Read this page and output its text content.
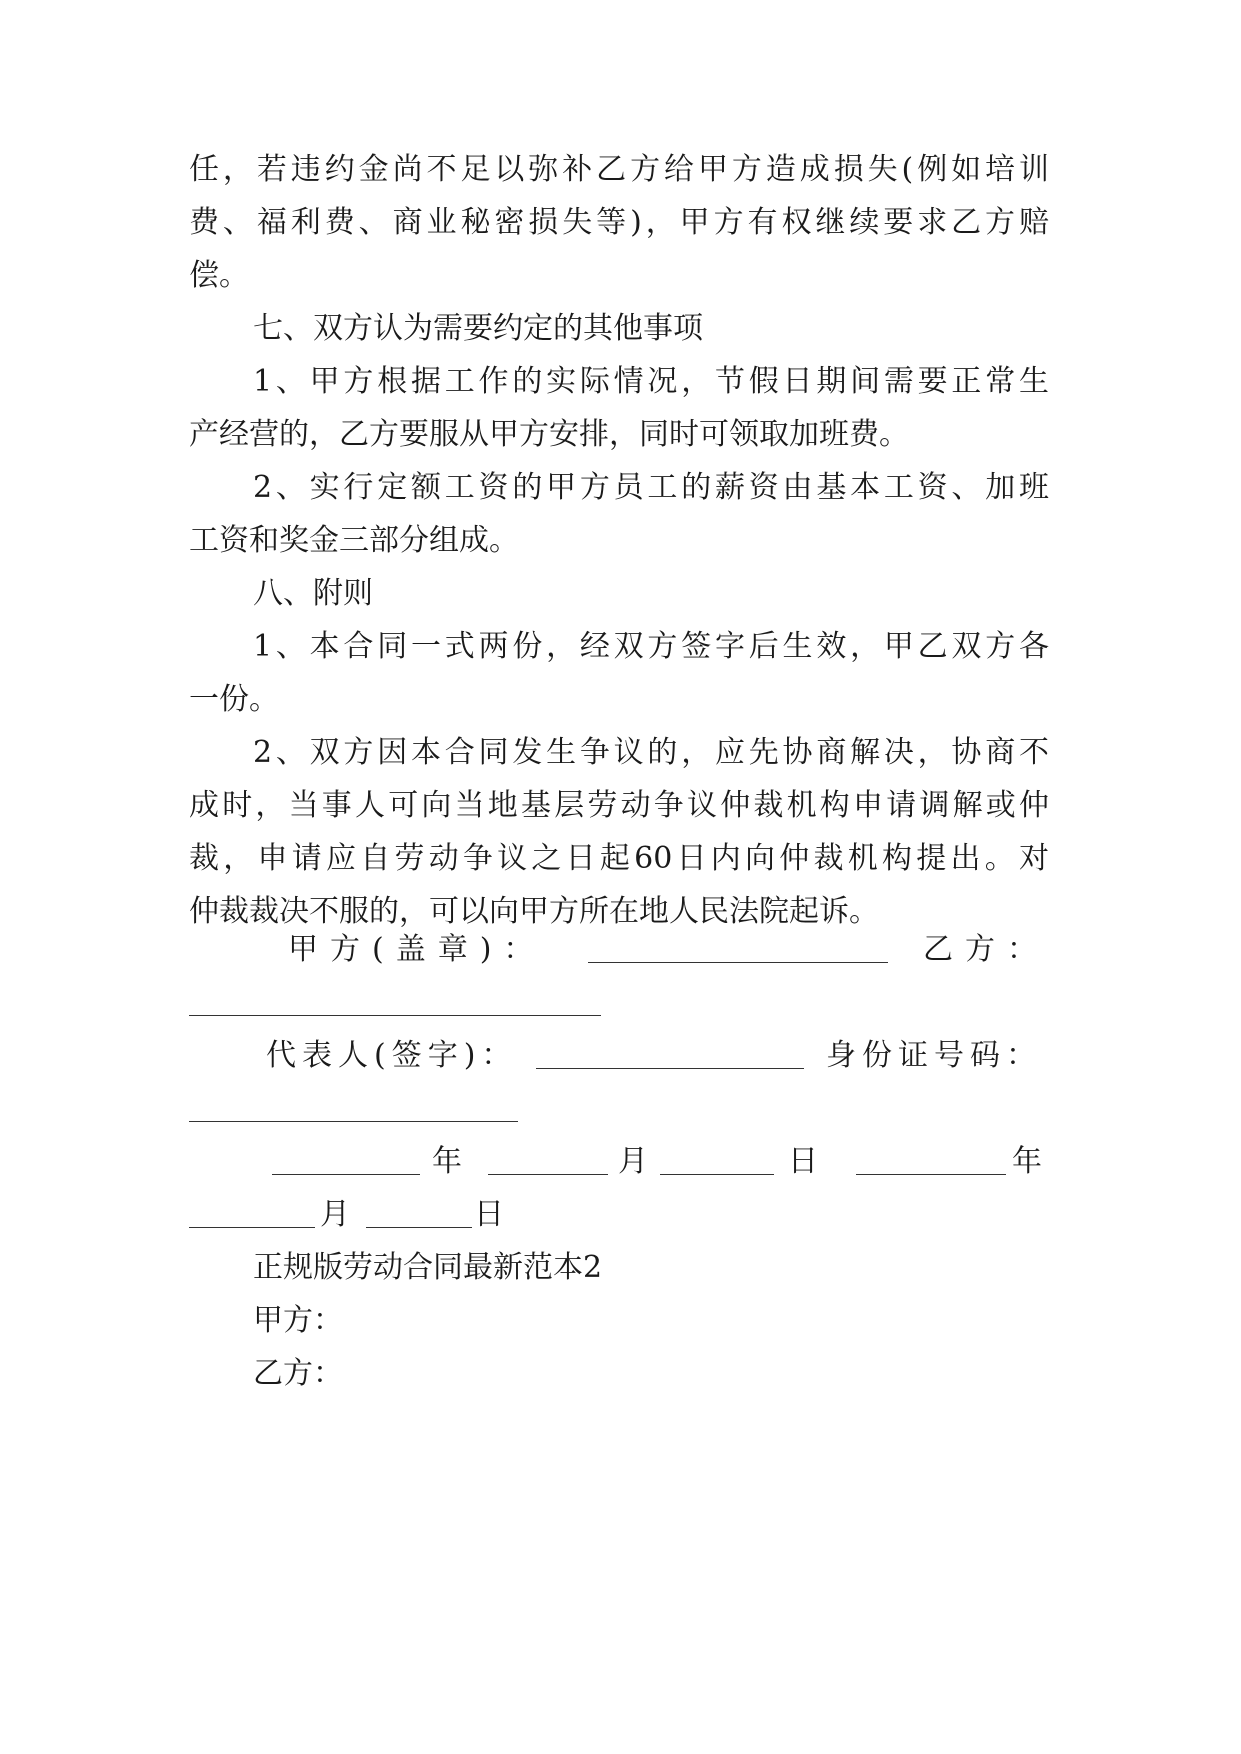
任，若违约金尚不足以弥补乙方给甲方造成损失(例如培训
费、福利费、商业秘密损失等)，甲方有权继续要求乙方赔
偿。
七、双方认为需要约定的其他事项
1、甲方根据工作的实际情况，节假日期间需要正常生
产经营的，乙方要服从甲方安排，同时可领取加班费。
2、实行定额工资的甲方员工的薪资由基本工资、加班
工资和奖金三部分组成。
八、附则
1、本合同一式两份，经双方签字后生效，甲乙双方各
一份。
2、双方因本合同发生争议的，应先协商解决，协商不
成时，当事人可向当地基层劳动争议仲裁机构申请调解或仲
裁，申请应自劳动争议之日起60日内向仲裁机构提出。对
仲裁裁决不服的，可以向甲方所在地人民法院起诉。
甲方(盖章)：	乙方：
代表人(签字)：	身份证号码：
年	月	日	年
月	日
正规版劳动合同最新范本2
甲方：
乙方：
